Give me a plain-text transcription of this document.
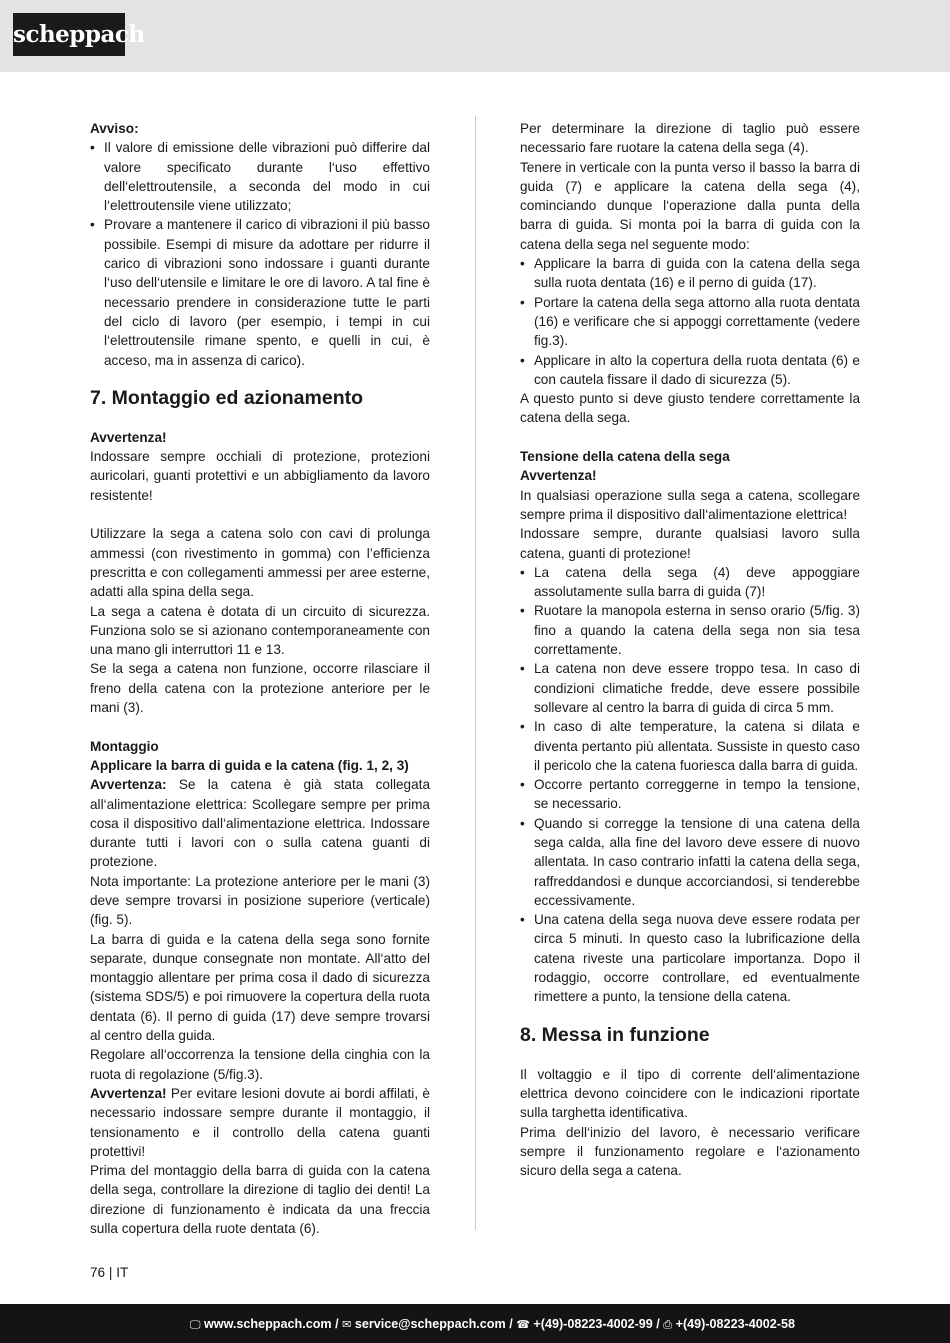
scheppach
Avviso:
• Il valore di emissione delle vibrazioni può differire dal valore specificato durante l‘uso effettivo dell‘elettroutensile, a seconda del modo in cui l‘elettroutensile viene utilizzato;
• Provare a mantenere il carico di vibrazioni il più basso possibile. Esempi di misure da adottare per ridurre il carico di vibrazioni sono indossare i guanti durante l‘uso dell‘utensile e limitare le ore di lavoro. A tal fine è necessario prendere in considerazione tutte le parti del ciclo di lavoro (per esempio, i tempi in cui l‘elettroutensile rimane spento, e quelli in cui, è acceso, ma in assenza di carico).
7. Montaggio ed azionamento
Avvertenza!
Indossare sempre occhiali di protezione, protezioni auricolari, guanti protettivi e un abbigliamento da lavoro resistente!
Utilizzare la sega a catena solo con cavi di prolunga ammessi (con rivestimento in gomma) con l’efficienza prescritta e con collegamenti ammessi per aree esterne, adatti alla spina della sega.
La sega a catena è dotata di un circuito di sicurezza. Funziona solo se si azionano contemporaneamente con una mano gli interruttori 11 e 13.
Se la sega a catena non funzione, occorre rilasciare il freno della catena con la protezione anteriore per le mani (3).
Montaggio
Applicare la barra di guida e la catena (fig. 1, 2, 3)
Avvertenza: Se la catena è già stata collegata all‘alimentazione elettrica: Scollegare sempre per prima cosa il dispositivo dall‘alimentazione elettrica. Indossare durante tutti i lavori con o sulla catena guanti di protezione.
Nota importante: La protezione anteriore per le mani (3) deve sempre trovarsi in posizione superiore (verticale) (fig. 5).
La barra di guida e la catena della sega sono fornite separate, dunque consegnate non montate. All‘atto del montaggio allentare per prima cosa il dado di sicurezza (sistema SDS/5) e poi rimuovere la copertura della ruota dentata (6). Il perno di guida (17) deve sempre trovarsi al centro della guida.
Regolare all‘occorrenza la tensione della cinghia con la ruota di regolazione (5/fig.3).
Avvertenza! Per evitare lesioni dovute ai bordi affilati, è necessario indossare sempre durante il montaggio, il tensionamento e il controllo della catena guanti protettivi!
Prima del montaggio della barra di guida con la catena della sega, controllare la direzione di taglio dei denti! La direzione di funzionamento è indicata da una freccia sulla copertura della ruote dentata (6).
Per determinare la direzione di taglio può essere necessario fare ruotare la catena della sega (4).
Tenere in verticale con la punta verso il basso la barra di guida (7) e applicare la catena della sega (4), cominciando dunque l‘operazione dalla punta della barra di guida. Si monta poi la barra di guida con la catena della sega nel seguente modo:
• Applicare la barra di guida con la catena della sega sulla ruota dentata (16) e il perno di guida (17).
• Portare la catena della sega attorno alla ruota dentata (16) e verificare che si appoggi correttamente (vedere fig.3).
• Applicare in alto la copertura della ruota dentata (6) e con cautela fissare il dado di sicurezza (5).
A questo punto si deve giusto tendere correttamente la catena della sega.
Tensione della catena della sega
Avvertenza!
In qualsiasi operazione sulla sega a catena, scollegare sempre prima il dispositivo dall‘alimentazione elettrica!
Indossare sempre, durante qualsiasi lavoro sulla catena, guanti di protezione!
• La catena della sega (4) deve appoggiare assolutamente sulla barra di guida (7)!
• Ruotare la manopola esterna in senso orario (5/fig. 3) fino a quando la catena della sega non sia tesa correttamente.
• La catena non deve essere troppo tesa. In caso di condizioni climatiche fredde, deve essere possibile sollevare al centro la barra di guida di circa 5 mm.
• In caso di alte temperature, la catena si dilata e diventa pertanto più allentata. Sussiste in questo caso il pericolo che la catena fuoriesca dalla barra di guida.
• Occorre pertanto correggerne in tempo la tensione, se necessario.
• Quando si corregge la tensione di una catena della sega calda, alla fine del lavoro deve essere di nuovo allentata. In caso contrario infatti la catena della sega, raffreddandosi e dunque accorciandosi, si tenderebbe eccessivamente.
• Una catena della sega nuova deve essere rodata per circa 5 minuti. In questo caso la lubrificazione della catena riveste una particolare importanza. Dopo il rodaggio, occorre controllare, ed eventualmente rimettere a punto, la tensione della catena.
8. Messa in funzione
Il voltaggio e il tipo di corrente dell‘alimentazione elettrica devono coincidere con le indicazioni riportate sulla targhetta identificativa.
Prima dell‘inizio del lavoro, è necessario verificare sempre il funzionamento regolare e l‘azionamento sicuro della sega a catena.
76 | IT
🖵 www.scheppach.com / ✉ service@scheppach.com / ☎ +(49)-08223-4002-99 / ⎙ +(49)-08223-4002-58
